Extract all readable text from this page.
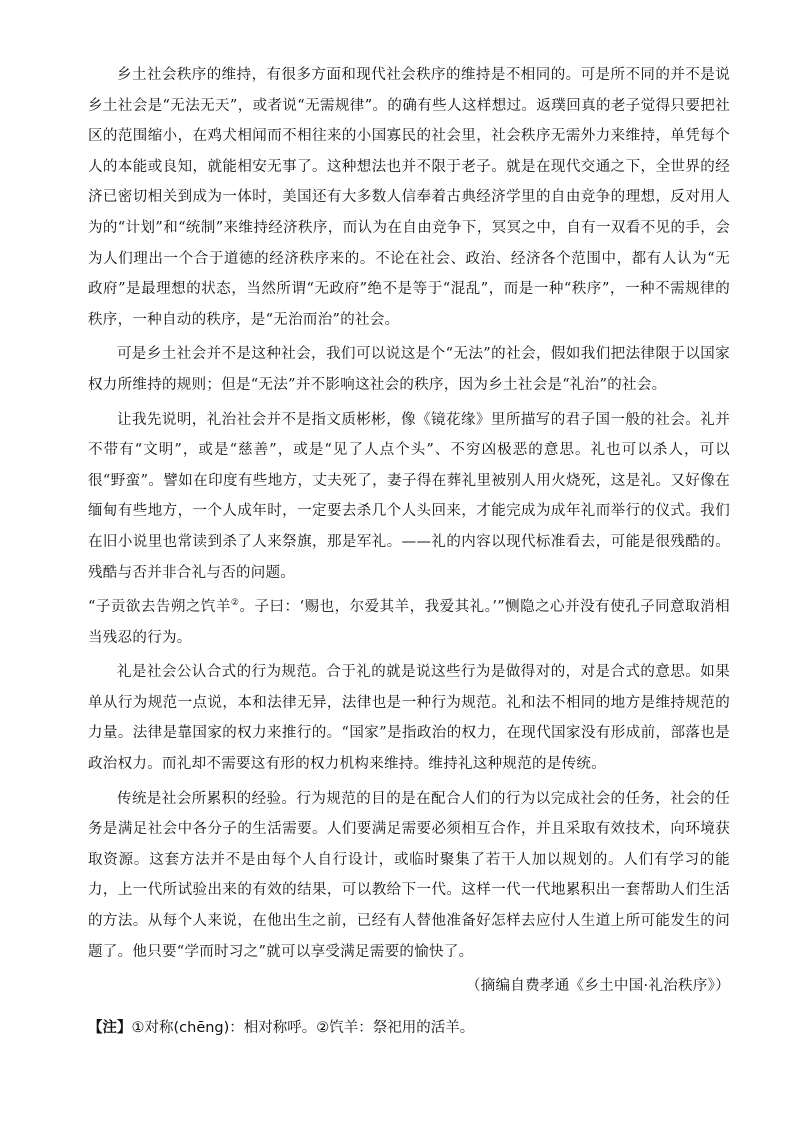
乡土社会秩序的维持，有很多方面和现代社会秩序的维持是不相同的。可是所不同的并不是说乡土社会是“无法无天”，或者说“无需规律”。的确有些人这样想过。返璞回真的老子觉得只要把社区的范围缩小，在鸡犬相闻而不相往来的小国寡民的社会里，社会秩序无需外力来维持，单凭每个人的本能或良知，就能相安无事了。这种想法也并不限于老子。就是在现代交通之下，全世界的经济已密切相关到成为一体时，美国还有大多数人信奉着古典经济学里的自由竞争的理想，反对用人为的“计划”和“统制”来维持经济秩序，而认为在自由竞争下，冥冥之中，自有一双看不见的手，会为人们理出一个合于道德的经济秩序来的。不论在社会、政治、经济各个范围中，都有人认为“无政府”是最理想的状态，当然所谓“无政府”绝不是等于“混乱”，而是一种“秩序”，一种不需规律的秩序，一种自动的秩序，是“无治而治”的社会。

可是乡土社会并不是这种社会，我们可以说这是个“无法”的社会，假如我们把法律限于以国家权力所维持的规则；但是“无法”并不影响这社会的秩序，因为乡土社会是“礼治”的社会。

让我先说明，礼治社会并不是指文质彬彬，像《镜花缘》里所描写的君子国一般的社会。礼并不带有“文明”，或是“慈善”，或是“见了人点个头”、不穷凶极恶的意思。礼也可以杀人，可以很“野蛮”。譬如在印度有些地方，丈夫死了，妻子得在葬礼里被别人用火烧死，这是礼。又好像在缅甸有些地方，一个人成年时，一定要去杀几个人头回来，才能完成为成年礼而举行的仪式。我们在旧小说里也常读到杀了人来祭旗，那是军礼。——礼的内容以现代标准看去，可能是很残酷的。残酷与否并非合礼与否的问题。

“子贡欲去告朔之饩羊②。子曰：‘赐也，尔爱其羊，我爱其礼。’”恻隐之心并没有使孔子同意取消相当残忍的行为。

礼是社会公认合式的行为规范。合于礼的就是说这些行为是做得对的，对是合式的意思。如果单从行为规范一点说，本和法律无异，法律也是一种行为规范。礼和法不相同的地方是维持规范的力量。法律是靠国家的权力来推行的。“国家”是指政治的权力，在现代国家没有形成前，部落也是政治权力。而礼却不需要这有形的权力机构来维持。维持礼这种规范的是传统。

传统是社会所累积的经验。行为规范的目的是在配合人们的行为以完成社会的任务，社会的任务是满足社会中各分子的生活需要。人们要满足需要必须相互合作，并且采取有效技术，向环境获取资源。这套方法并不是由每个人自行设计，或临时聚集了若干人加以规划的。人们有学习的能力，上一代所试验出来的有效的结果，可以教给下一代。这样一代一代地累积出一套帮助人们生活的方法。从每个人来说，在他出生之前，已经有人替他准备好怎样去应付人生道上所可能发生的问题了。他只要“学而时习之”就可以享受满足需要的愉快了。

（摘编自费孝通《乡土中国·礼治秩序》）

【注】①对称(chēng)：相对称呼。②饩羊：祭祀用的活羊。
